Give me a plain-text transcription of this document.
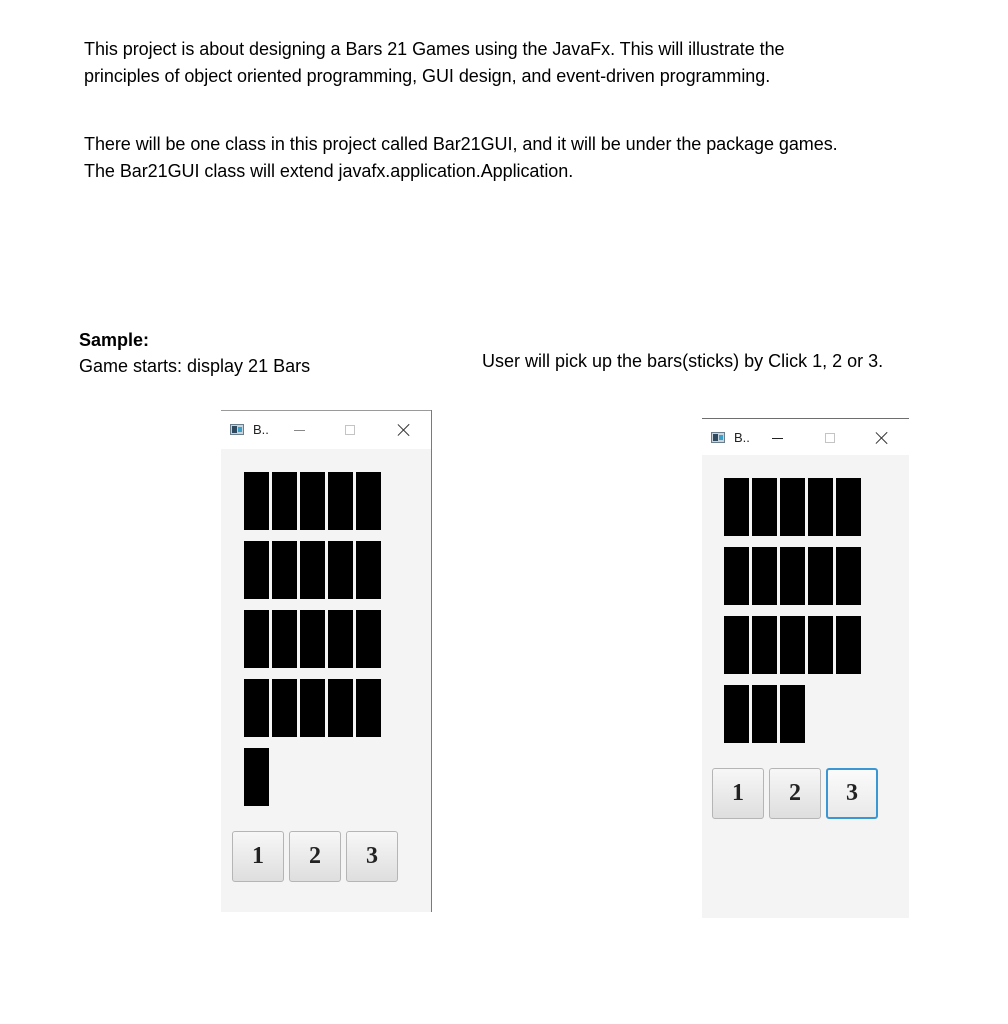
This project is about designing a Bars 21 Games using the JavaFx. This will illustrate the
principles of object oriented programming, GUI design, and event-driven programming.
There will be one class in this project called Bar21GUI, and it will be under the package games.
The Bar21GUI class will extend javafx.application.Application.

Sample:

Game starts: display 21 Bars	User will pick up the bars(sticks) by Click 1, 2 or 3.

B..
1	2	3
B..
1	2	3
